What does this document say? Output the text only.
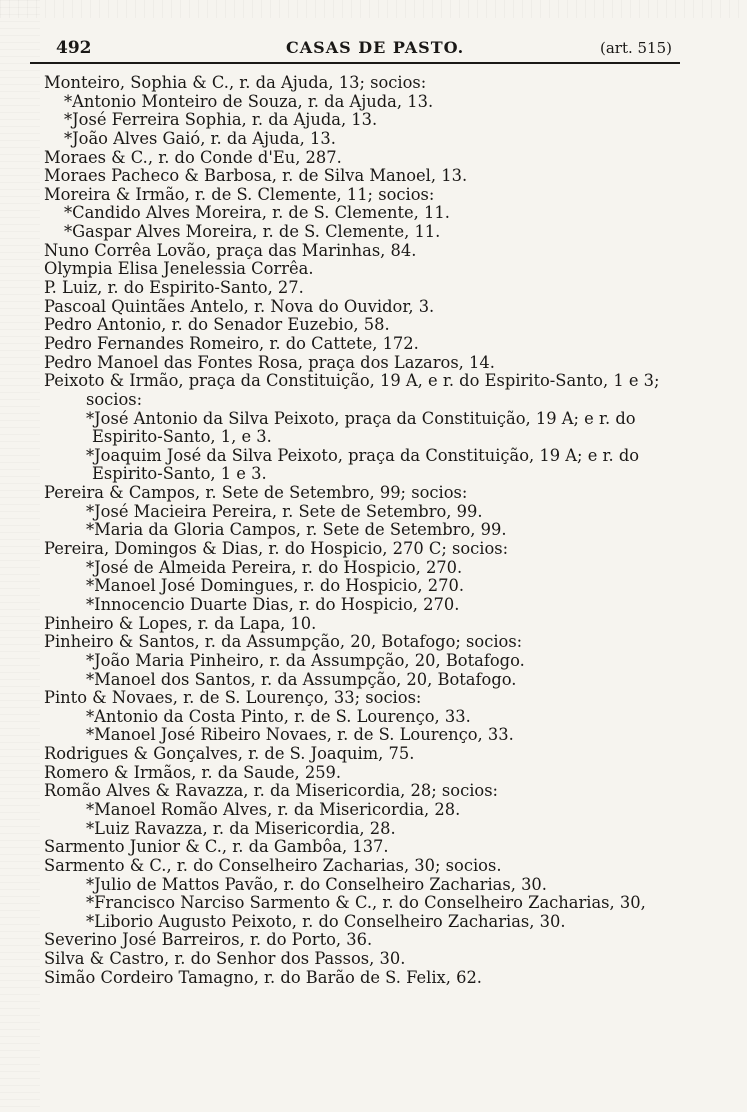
492	CASAS DE PASTO.	(art. 515)
Monteiro, Sophia & C., r. da Ajuda, 13; socios:
*Antonio Monteiro de Souza, r. da Ajuda, 13.
*José Ferreira Sophia, r. da Ajuda, 13.
*João Alves Gaió, r. da Ajuda, 13.
Moraes & C., r. do Conde d'Eu, 287.
Moraes Pacheco & Barbosa, r. de Silva Manoel, 13.
Moreira & Irmão, r. de S. Clemente, 11; socios:
*Candido Alves Moreira, r. de S. Clemente, 11.
*Gaspar Alves Moreira, r. de S. Clemente, 11.
Nuno Corrêa Lovão, praça das Marinhas, 84.
Olympia Elisa Jenelessia Corrêa.
P. Luiz, r. do Espirito-Santo, 27.
Pascoal Quintães Antelo, r. Nova do Ouvidor, 3.
Pedro Antonio, r. do Senador Euzebio, 58.
Pedro Fernandes Romeiro, r. do Cattete, 172.
Pedro Manoel das Fontes Rosa, praça dos Lazaros, 14.
Peixoto & Irmão, praça da Constituição, 19 A, e r. do Espirito-Santo, 1 e 3;
socios:
*José Antonio da Silva Peixoto, praça da Constituição, 19 A; e r. do
Espirito-Santo, 1, e 3.
*Joaquim José da Silva Peixoto, praça da Constituição, 19 A; e r. do
Espirito-Santo, 1 e 3.
Pereira & Campos, r. Sete de Setembro, 99; socios:
*José Macieira Pereira, r. Sete de Setembro, 99.
*Maria da Gloria Campos, r. Sete de Setembro, 99.
Pereira, Domingos & Dias, r. do Hospicio, 270 C; socios:
*José de Almeida Pereira, r. do Hospicio, 270.
*Manoel José Domingues, r. do Hospicio, 270.
*Innocencio Duarte Dias, r. do Hospicio, 270.
Pinheiro & Lopes, r. da Lapa, 10.
Pinheiro & Santos, r. da Assumpção, 20, Botafogo; socios:
*João Maria Pinheiro, r. da Assumpção, 20, Botafogo.
*Manoel dos Santos, r. da Assumpção, 20, Botafogo.
Pinto & Novaes, r. de S. Lourenço, 33; socios:
*Antonio da Costa Pinto, r. de S. Lourenço, 33.
*Manoel José Ribeiro Novaes, r. de S. Lourenço, 33.
Rodrigues & Gonçalves, r. de S. Joaquim, 75.
Romero & Irmãos, r. da Saude, 259.
Romão Alves & Ravazza, r. da Misericordia, 28; socios:
*Manoel Romão Alves, r. da Misericordia, 28.
*Luiz Ravazza, r. da Misericordia, 28.
Sarmento Junior & C., r. da Gambôa, 137.
Sarmento & C., r. do Conselheiro Zacharias, 30; socios.
*Julio de Mattos Pavão, r. do Conselheiro Zacharias, 30.
*Francisco Narciso Sarmento & C., r. do Conselheiro Zacharias, 30,
*Liborio Augusto Peixoto, r. do Conselheiro Zacharias, 30.
Severino José Barreiros, r. do Porto, 36.
Silva & Castro, r. do Senhor dos Passos, 30.
Simão Cordeiro Tamagno, r. do Barão de S. Felix, 62.
